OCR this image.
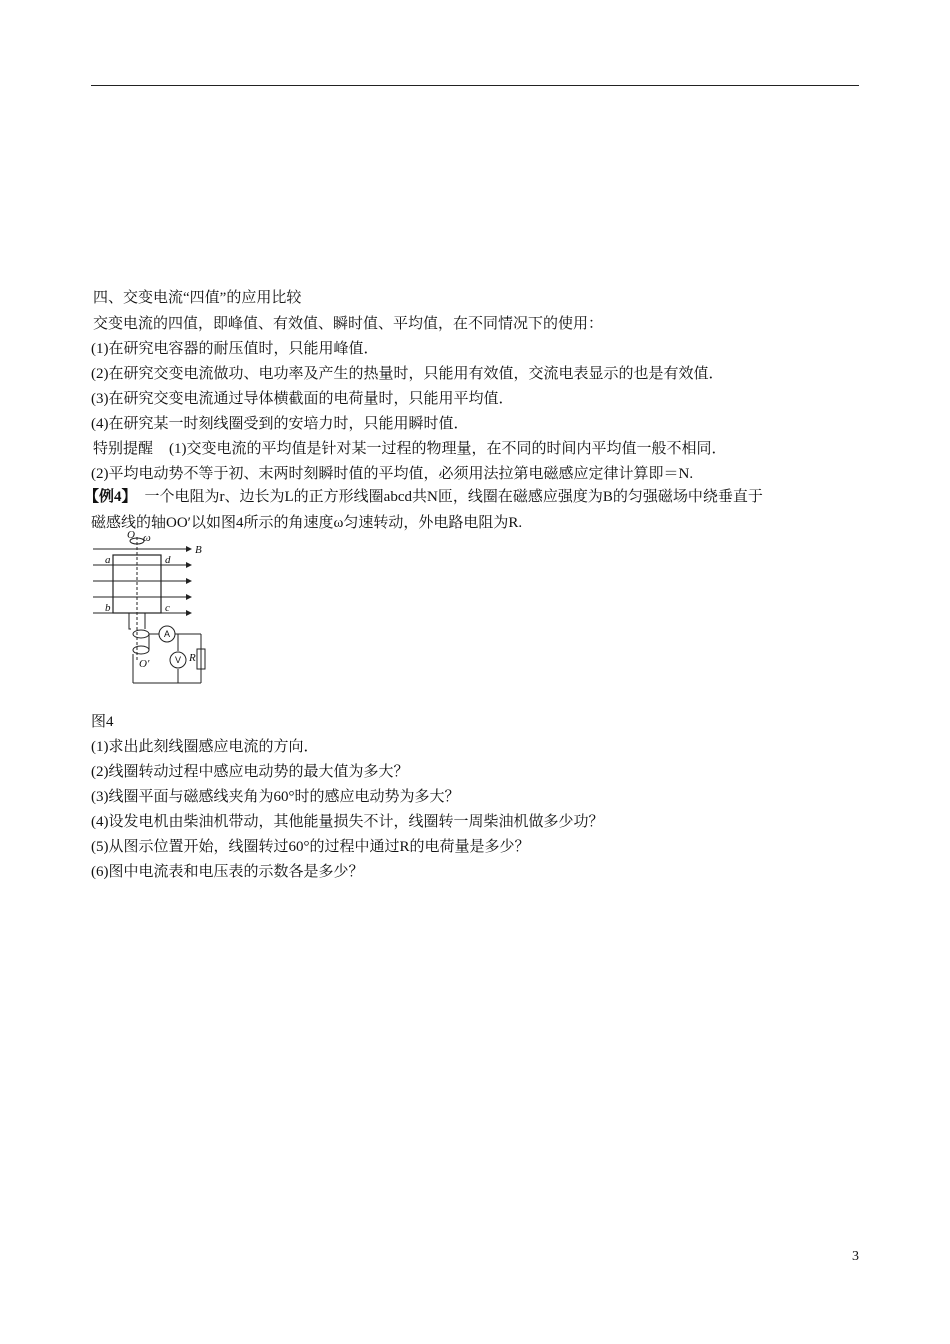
四、交变电流“四值”的应用比较
交变电流的四值，即峰值、有效值、瞬时值、平均值，在不同情况下的使用：
(1)在研究电容器的耐压值时，只能用峰值．
(2)在研究交变电流做功、电功率及产生的热量时，只能用有效值，交流电表显示的也是有效值．
(3)在研究交变电流通过导体横截面的电荷量时，只能用平均值．
(4)在研究某一时刻线圈受到的安培力时，只能用瞬时值．
特别提醒 (1)交变电流的平均值是针对某一过程的物理量，在不同的时间内平均值一般不相同．
(2)平均电动势不等于初、末两时刻瞬时值的平均值，必须用法拉第电磁感应定律计算即＝N.
【例4】 一个电阻为r、边长为L的正方形线圈abcd共N匝，线圈在磁感应强度为B的匀强磁场中绕垂直于
磁感线的轴OO′以如图4所示的角速度ω匀速转动，外电路电阻为R.
O ω
B
a	d
b	c
R
O′
A
V
图4
(1)求出此刻线圈感应电流的方向．
(2)线圈转动过程中感应电动势的最大值为多大？
(3)线圈平面与磁感线夹角为60°时的感应电动势为多大？
(4)设发电机由柴油机带动，其他能量损失不计，线圈转一周柴油机做多少功？
(5)从图示位置开始，线圈转过60°的过程中通过R的电荷量是多少？
(6)图中电流表和电压表的示数各是多少？
3
